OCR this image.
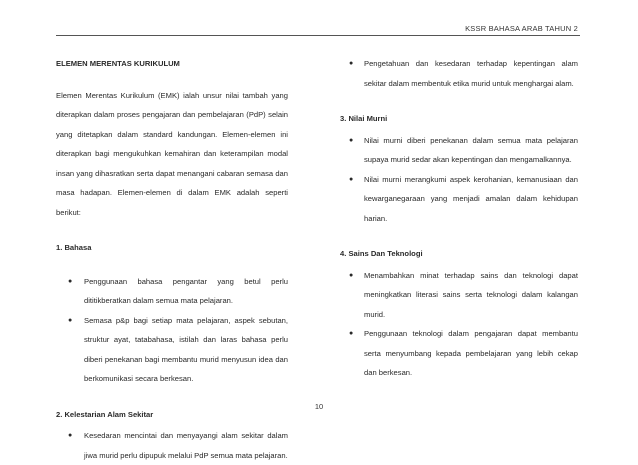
KSSR BAHASA ARAB TAHUN 2

ELEMEN MERENTAS KURIKULUM

Elemen Merentas Kurikulum (EMK) ialah unsur nilai tambah yang diterapkan dalam proses pengajaran dan pembelajaran (PdP) selain yang ditetapkan dalam standard kandungan. Elemen-elemen ini diterapkan bagi mengukuhkan kemahiran dan keterampilan modal insan yang dihasratkan serta dapat menangani cabaran semasa dan masa hadapan. Elemen-elemen di dalam EMK adalah seperti berikut:

1. Bahasa

● Penggunaan bahasa pengantar yang betul perlu dititikberatkan dalam semua mata pelajaran.
● Semasa p&p bagi setiap mata pelajaran, aspek sebutan, struktur ayat, tatabahasa, istilah dan laras bahasa perlu diberi penekanan bagi membantu murid menyusun idea dan berkomunikasi secara berkesan.

2. Kelestarian Alam Sekitar

● Kesedaran mencintai dan menyayangi alam sekitar dalam jiwa murid perlu dipupuk melalui PdP semua mata pelajaran.
● Pengetahuan dan kesedaran terhadap kepentingan alam sekitar dalam membentuk etika murid untuk menghargai alam.

3. Nilai Murni

● Nilai murni diberi penekanan dalam semua mata pelajaran supaya murid sedar akan kepentingan dan mengamalkannya.
● Nilai murni merangkumi aspek kerohanian, kemanusiaan dan kewarganegaraan yang menjadi amalan dalam kehidupan harian.

4. Sains Dan Teknologi

● Menambahkan minat terhadap sains dan teknologi dapat meningkatkan literasi sains serta teknologi dalam kalangan murid.
● Penggunaan teknologi dalam pengajaran dapat membantu serta menyumbang kepada pembelajaran yang lebih cekap dan berkesan.
10
